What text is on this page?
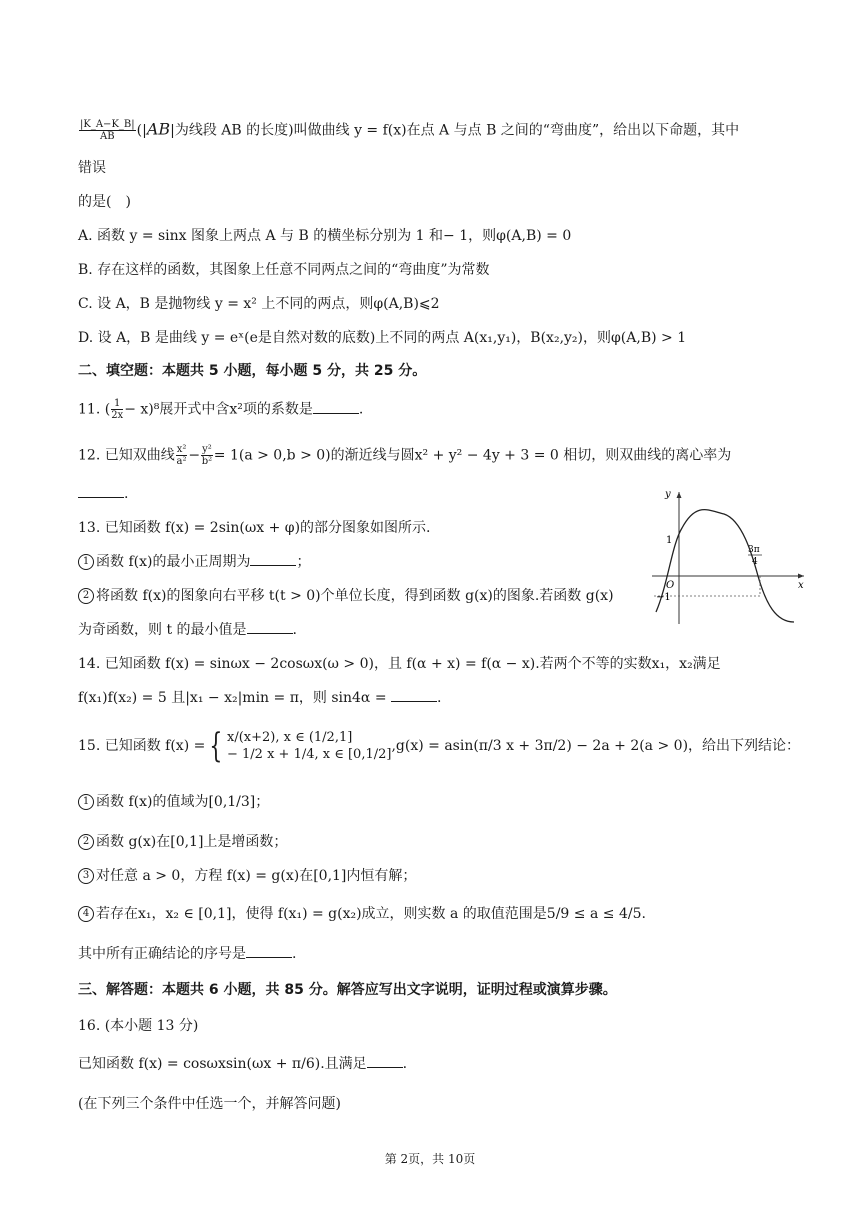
$\frac{|K\_A-K\_B|}{AB} (|AB|$为线段 AB 的长度)叫做曲线 y = f(x)在点 A 与点 B 之间的“弯曲度”，给出以下命题，其中
错误
的是(　)
A. 函数 y = sinx 图象上两点 A 与 B 的横坐标分别为 1 和− 1，则φ(A,B) = 0
B. 存在这样的函数，其图象上任意不同两点之间的“弯曲度”为常数
C. 设 A，B 是抛物线 y = x² 上不同的两点，则φ(A,B)⩽2
D. 设 A，B 是曲线 y = eˣ(e是自然对数的底数)上不同的两点 A(x₁,y₁)，B(x₂,y₂)，则φ(A,B) > 1
二、填空题：本题共 5 小题，每小题 5 分，共 25 分。
11. ( $\frac{1}{2x} - x)^8$展开式中含x²项的系数是	.
12. 已知双曲线 $\frac{\text{x²}}{\text{a²}} - \frac{\text{y²}}{\text{b²}} = 1(a > 0,b > 0)$的渐近线与圆x² + y² − 4y + 3 = 0 相切，则双曲线的离心率为
.
13. 已知函数 f(x) = 2sin(ωx + φ)的部分图象如图所示.
1 函数 f(x)的最小正周期为	；
2 将函数 f(x)的图象向右平移 t(t > 0)个单位长度，得到函数 g(x)的图象.若函数 g(x)
为奇函数，则 t 的最小值是	.
y
x
O
1
−1
3π
4
14. 已知函数 f(x) = sinωx − 2cosωx(ω > 0)，且 f(α + x) = f(α − x).若两个不等的实数x₁，x₂满足
f(x₁)f(x₂) = 5 且|x₁ − x₂|min = π，则 sin4α =	.
15. 已知函数 f(x) = { x/(x+2), x ∈ (1/2,1]
− 1/2 x + 1/4, x ∈ [0,1/2]
,g(x) = asin(π/3 x + 3π/2) − 2a + 2(a > 0)，给出下列结论：
1 函数 f(x)的值域为[0,1/3]；
2 函数 g(x)在[0,1]上是增函数；
3 对任意 a > 0，方程 f(x) = g(x)在[0,1]内恒有解；
4 若存在x₁，x₂ ∈ [0,1]，使得 f(x₁) = g(x₂)成立，则实数 a 的取值范围是5/9 ≤ a ≤ 4/5.
其中所有正确结论的序号是	.
三、解答题：本题共 6 小题，共 85 分。解答应写出文字说明，证明过程或演算步骤。
16. (本小题 13 分)
已知函数 f(x) = cosωxsin(ωx + π/6).且满足	.
(在下列三个条件中任选一个，并解答问题)
第 2页，共 10页
